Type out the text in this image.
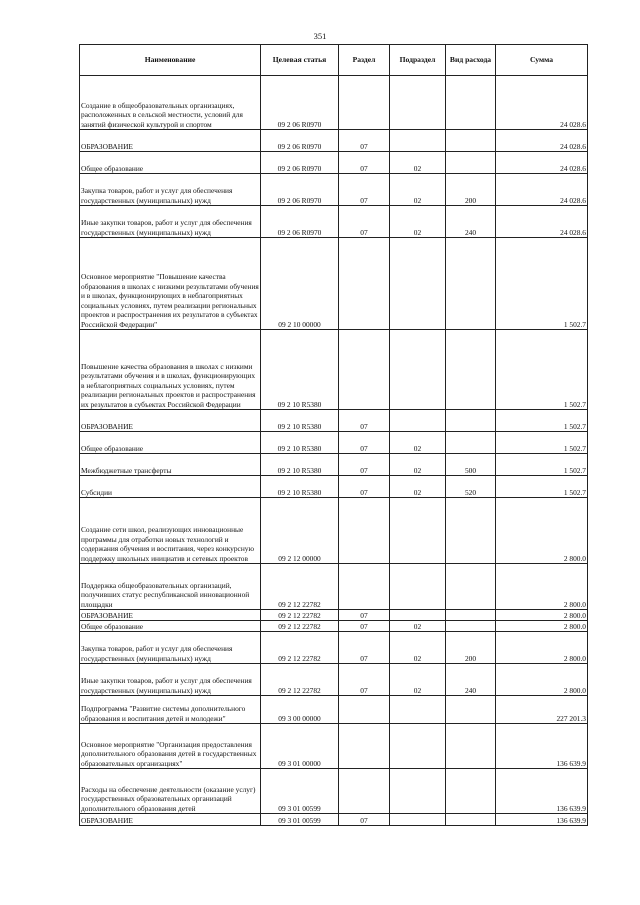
351
Наименование	Целевая статья	Раздел	Подраздел	Вид расхода	Сумма
Создание в общеобразовательных организациях, расположенных в сельской местности, условий для занятий физической культурой и спортом	09 2 06 R0970				24 028.6
ОБРАЗОВАНИЕ	09 2 06 R0970	07			24 028.6
Общее образование	09 2 06 R0970	07	02		24 028.6
Закупка товаров, работ и услуг для обеспечения государственных (муниципальных) нужд	09 2 06 R0970	07	02	200	24 028.6
Иные закупки товаров, работ и услуг для обеспечения государственных (муниципальных) нужд	09 2 06 R0970	07	02	240	24 028.6
Основное мероприятие "Повышение качества образования в школах с низкими результатами обучения и в школах, функционирующих в неблагоприятных социальных условиях, путем реализации региональных проектов и распространения их результатов в субъектах Российской Федерации"	09 2 10 00000				1 502.7
Повышение качества образования в школах с низкими результатами обучения и в школах, функционирующих в неблагоприятных социальных условиях, путем реализации региональных проектов и распространения их результатов в субъектах Российской Федерации	09 2 10 R5380				1 502.7
ОБРАЗОВАНИЕ	09 2 10 R5380	07			1 502.7
Общее образование	09 2 10 R5380	07	02		1 502.7
Межбюджетные трансферты	09 2 10 R5380	07	02	500	1 502.7
Субсидии	09 2 10 R5380	07	02	520	1 502.7
Создание сети школ, реализующих инновационные программы для отработки новых технологий и содержания обучения и воспитания, через конкурсную поддержку школьных инициатив и сетевых проектов	09 2 12 00000				2 800.0
Поддержка общеобразовательных организаций, получивших статус республиканской инновационной площадки	09 2 12 22782				2 800.0
ОБРАЗОВАНИЕ	09 2 12 22782	07			2 800.0
Общее образование	09 2 12 22782	07	02		2 800.0
Закупка товаров, работ и услуг для обеспечения государственных (муниципальных) нужд	09 2 12 22782	07	02	200	2 800.0
Иные закупки товаров, работ и услуг для обеспечения государственных (муниципальных) нужд	09 2 12 22782	07	02	240	2 800.0
Подпрограмма "Развитие системы дополнительного образования и воспитания детей и молодежи"	09 3 00 00000				227 201.3
Основное мероприятие "Организация предоставления дополнительного образования детей в государственных образовательных организациях"	09 3 01 00000				136 639.9
Расходы на обеспечение деятельности (оказание услуг) государственных образовательных организаций дополнительного образования детей	09 3 01 00599				136 639.9
ОБРАЗОВАНИЕ	09 3 01 00599	07			136 639.9
